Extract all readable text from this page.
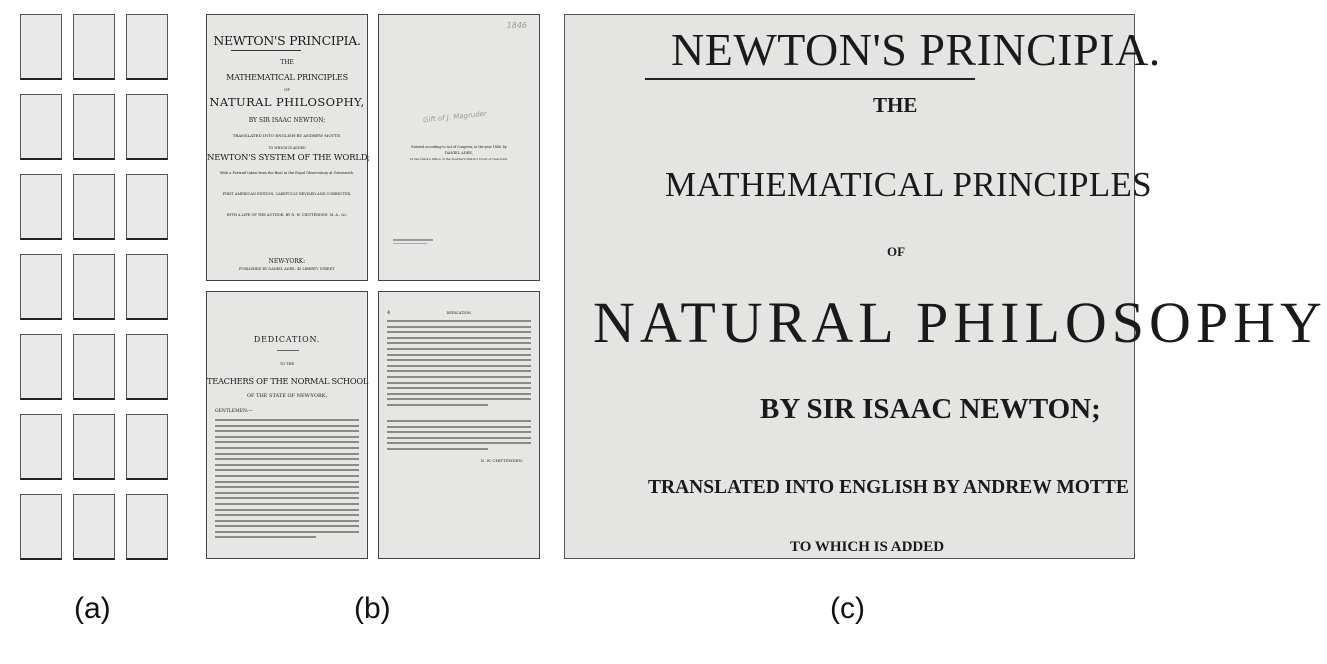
NEWTON'S PRINCIPIA.
THE
MATHEMATICAL PRINCIPLES
OF
NATURAL PHILOSOPHY,
BY SIR ISAAC NEWTON;
TRANSLATED INTO ENGLISH BY ANDREW MOTTE.
TO WHICH IS ADDED
NEWTON'S SYSTEM OF THE WORLD;
With a Portrait taken from the Bust in the Royal Observatory at Greenwich.
FIRST AMERICAN EDITION, CAREFULLY REVISED AND CORRECTED,
WITH A LIFE OF THE AUTHOR, BY N. W. CHITTENDEN, M. A., &c.
NEW-YORK:
PUBLISHED BY DANIEL ADEE, 45 LIBERTY STREET.
1846
Gift of J. Magruder
Entered according to Act of Congress, in the year 1846, by
DANIEL ADEE,
In the Clerk's Office of the Southern District Court of New-York.
DEDICATION.
TO THE
TEACHERS OF THE NORMAL SCHOOL
OF THE STATE OF NEW-YORK.
GENTLEMEN:—
4	DEDICATION.
N. W. CHITTENDEN.
NEWTON'S PRINCIPIA.
THE
MATHEMATICAL PRINCIPLES
OF
NATURAL PHILOSOPHY
BY SIR ISAAC NEWTON;
TRANSLATED INTO ENGLISH BY ANDREW MOTTE
TO WHICH IS ADDED
(a)	(b)	(c)
